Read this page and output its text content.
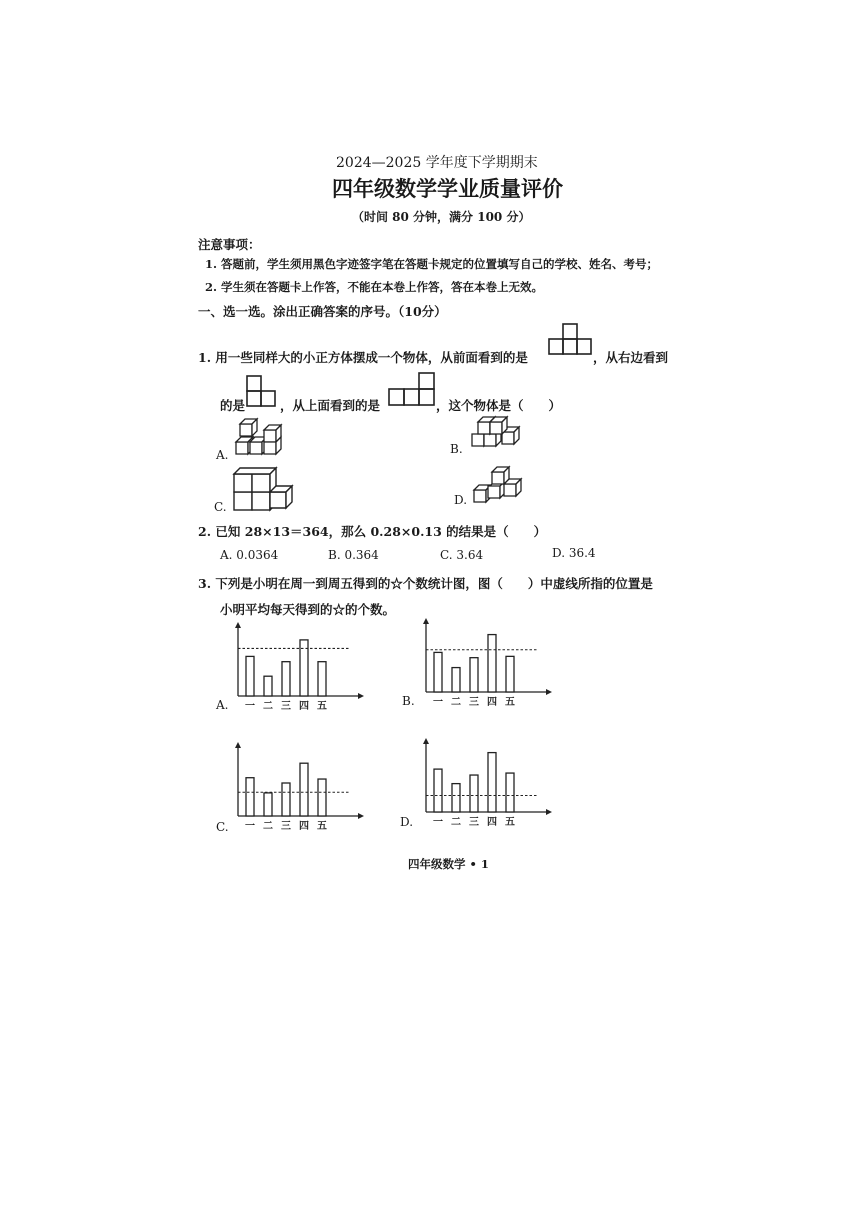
2024—2025 学年度下学期期末
四年级数学学业质量评价
（时间 80 分钟，满分 100 分）
注意事项：
1. 答题前，学生须用黑色字迹签字笔在答题卡规定的位置填写自己的学校、姓名、考号；
2. 学生须在答题卡上作答，不能在本卷上作答，答在本卷上无效。
一、选一选。涂出正确答案的序号。（10分）
1. 用一些同样大的小正方体摆成一个物体，从前面看到的是	，从右边看到
的是	，从上面看到的是	，这个物体是（　　）
A.	B.
C.	D.
2. 已知 28×13＝364，那么 0.28×0.13 的结果是（　　）
A. 0.0364	B. 0.364	C. 3.64	D. 36.4
3. 下列是小明在周一到周五得到的☆个数统计图，图（　　）中虚线所指的位置是
小明平均每天得到的☆的个数。
A.	B.
C.	D.
一 二 三 四 五	一 二 三 四 五
一 二 三 四 五	一 二 三 四 五
四年级数学 • 1
